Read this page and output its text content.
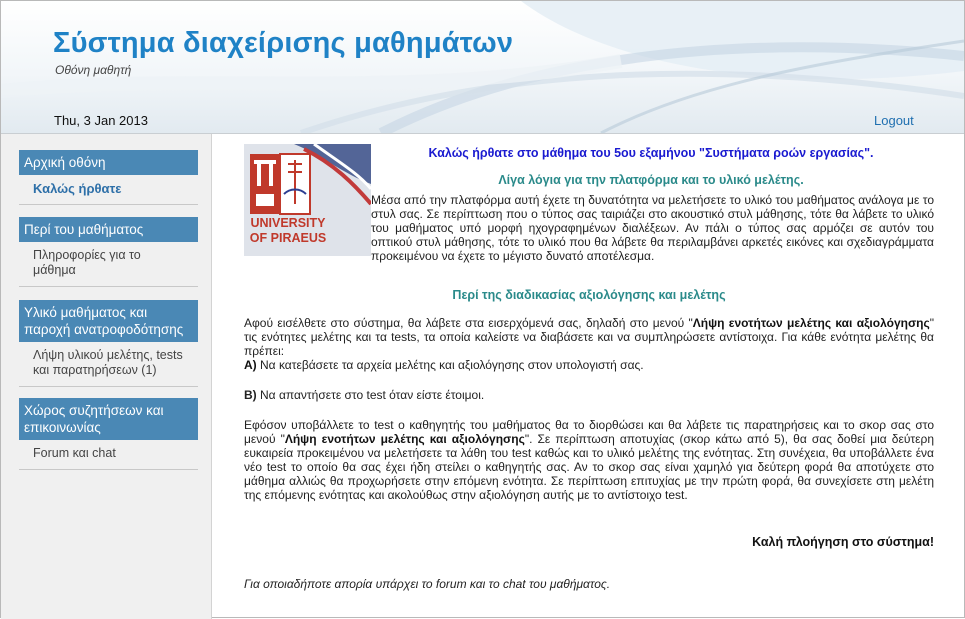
Σύστημα διαχείρισης μαθημάτων
Οθόνη μαθητή
Thu, 3 Jan 2013	Logout
Αρχική οθόνη
Καλώς ήρθατε
Περί του μαθήματος
Πληροφορίες για το μάθημα
Υλικό μαθήματος και παροχή ανατροφοδότησης
Λήψη υλικού μελέτης, tests και παρατηρήσεων (1)
Χώρος συζητήσεων και επικοινωνίας
Forum και chat
UNIVERSITY
OF PIRAEUS
Καλώς ήρθατε στο μάθημα του 5ου εξαμήνου "Συστήματα ροών εργασίας".
Λίγα λόγια για την πλατφόρμα και το υλικό μελέτης.
Μέσα από την πλατφόρμα αυτή έχετε τη δυνατότητα να μελετήσετε το υλικό του μαθήματος ανάλογα με το στυλ σας. Σε περίπτωση που ο τύπος σας ταιριάζει στο ακουστικό στυλ μάθησης, τότε θα λάβετε το υλικό του μαθήματος υπό μορφή ηχογραφημένων διαλέξεων. Αν πάλι ο τύπος σας αρμόζει σε αυτόν του οπτικού στυλ μάθησης, τότε το υλικό που θα λάβετε θα περιλαμβάνει αρκετές εικόνες και σχεδιαγράμματα προκειμένου να έχετε το μέγιστο δυνατό αποτέλεσμα.
Περί της διαδικασίας αξιολόγησης και μελέτης
Αφού εισέλθετε στο σύστημα, θα λάβετε στα εισερχόμενά σας, δηλαδή στο μενού "Λήψη ενοτήτων μελέτης και αξιολόγησης" τις ενότητες μελέτης και τα tests, τα οποία καλείστε να διαβάσετε και να συμπληρώσετε αντίστοιχα. Για κάθε ενότητα μελέτης θα πρέπει:
Α) Να κατεβάσετε τα αρχεία μελέτης και αξιολόγησης στον υπολογιστή σας.
Β) Να απαντήσετε στο test όταν είστε έτοιμοι.
Εφόσον υποβάλλετε το test ο καθηγητής του μαθήματος θα το διορθώσει και θα λάβετε τις παρατηρήσεις και το σκορ σας στο μενού "Λήψη ενοτήτων μελέτης και αξιολόγησης". Σε περίπτωση αποτυχίας (σκορ κάτω από 5), θα σας δοθεί μια δεύτερη ευκαιρεία προκειμένου να μελετήσετε τα λάθη του test καθώς και το υλικό μελέτης της ενότητας. Στη συνέχεια, θα υποβάλλετε ένα νέο test το οποίο θα σας έχει ήδη στείλει ο καθηγητής σας. Αν το σκορ σας είναι χαμηλό για δεύτερη φορά θα αποτύχετε στο μάθημα αλλιώς θα προχωρήσετε στην επόμενη ενότητα. Σε περίπτωση επιτυχίας με την πρώτη φορά, θα συνεχίσετε στη μελέτη της επόμενης ενότητας και ακολούθως στην αξιολόγηση αυτής με το αντίστοιχο test.
Καλή πλοήγηση στο σύστημα!
Για οποιαδήποτε απορία υπάρχει το forum και το chat του μαθήματος.
